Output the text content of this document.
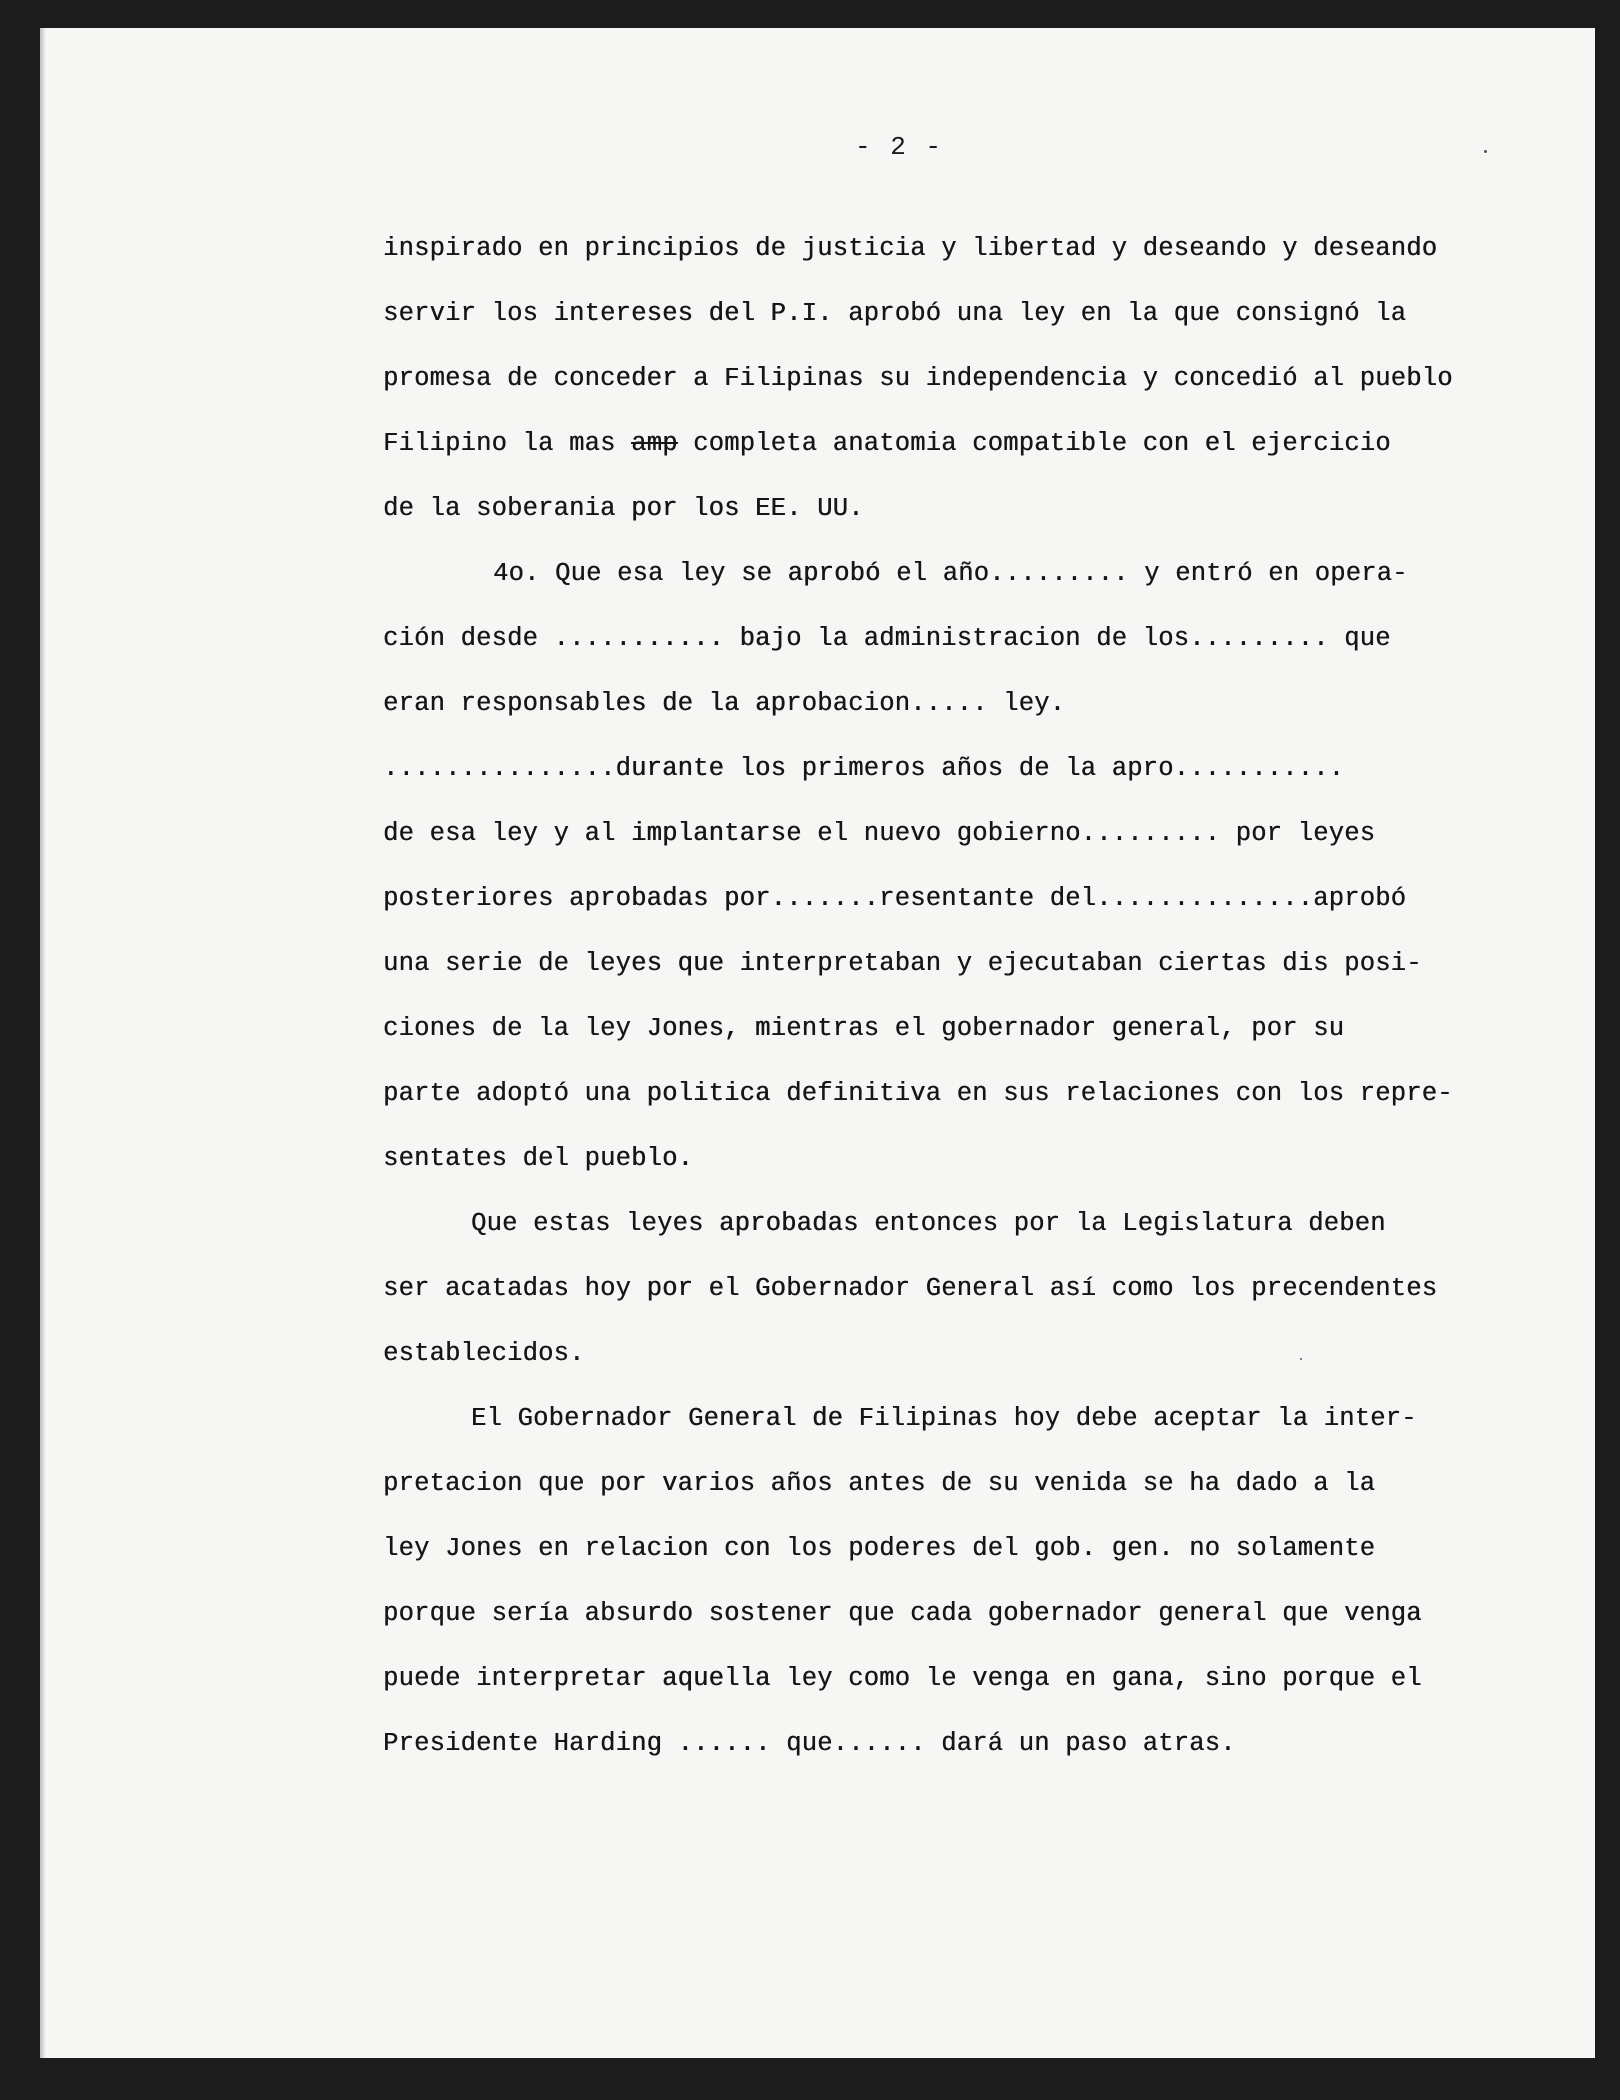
- 2 -
inspirado en principios de justicia y libertad y deseando y deseando
servir los intereses del P.I. aprobó una ley en la que consignó la
promesa de conceder a Filipinas su independencia y concedió al pueblo
Filipino la mas amp completa anatomia compatible con el ejercicio
de la soberania por los EE. UU.
4o. Que esa ley se aprobó el año......... y entró en opera-
ción desde ........... bajo la administracion de los......... que
eran responsables de la aprobacion..... ley.
...............durante los primeros años de la apro...........
de esa ley y al implantarse el nuevo gobierno......... por leyes
posteriores aprobadas por.......resentante del..............aprobó
una serie de leyes que interpretaban y ejecutaban ciertas dis posi-
ciones de la ley Jones, mientras el gobernador general, por su
parte adoptó una politica definitiva en sus relaciones con los repre-
sentates del pueblo.
Que estas leyes aprobadas entonces por la Legislatura deben
ser acatadas hoy por el Gobernador General así como los precendentes
establecidos.
El Gobernador General de Filipinas hoy debe aceptar la inter-
pretacion que por varios años antes de su venida se ha dado a la
ley Jones en relacion con los poderes del gob. gen. no solamente
porque sería absurdo sostener que cada gobernador general que venga
puede interpretar aquella ley como le venga en gana, sino porque el
Presidente Harding ...... que...... dará un paso atras.
